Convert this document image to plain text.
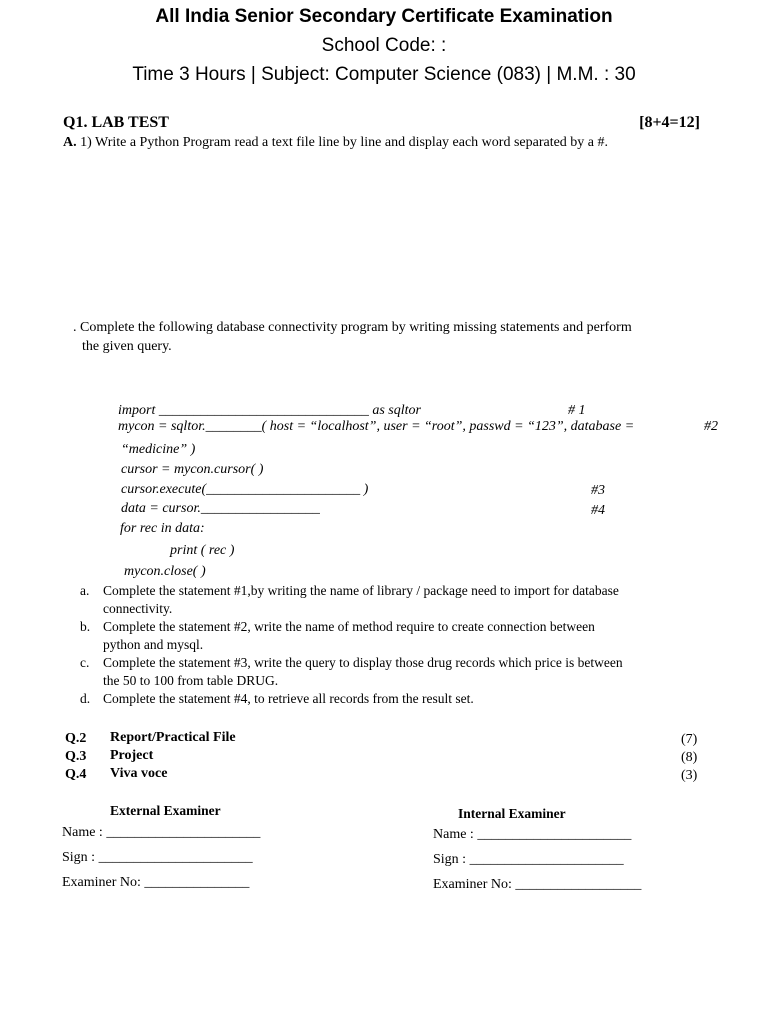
All India Senior Secondary Certificate Examination
School Code: :
Time 3 Hours | Subject: Computer Science (083) | M.M. : 30
Q1. LAB TEST	[8+4=12]
A. 1) Write a Python Program read a text file line by line and display each word separated by a #.
. Complete the following database connectivity program by writing missing statements and perform
the given query.
import ______________________________ as sqltor	# 1
mycon = sqltor.________( host = “localhost”, user = “root”, passwd = “123”, database =	#2
“medicine” )
cursor = mycon.cursor( )
cursor.execute(______________________ )	#3
data = cursor._________________	#4
for rec in data:
print ( rec )
mycon.close( )
a. Complete the statement #1,by writing the name of library / package need to import for database
connectivity.
b. Complete the statement #2, write the name of method require to create connection between
python and mysql.
c. Complete the statement #3, write the query to display those drug records which price is between
the 50 to 100 from table DRUG.
d. Complete the statement #4, to retrieve all records from the result set.
Q.2 Report/Practical File	(7)
Q.3 Project	(8)
Q.4 Viva voce	(3)
External Examiner
Name : ______________________
Sign : ______________________
Examiner No: _______________
Internal Examiner
Name : ______________________
Sign : ______________________
Examiner No: __________________
